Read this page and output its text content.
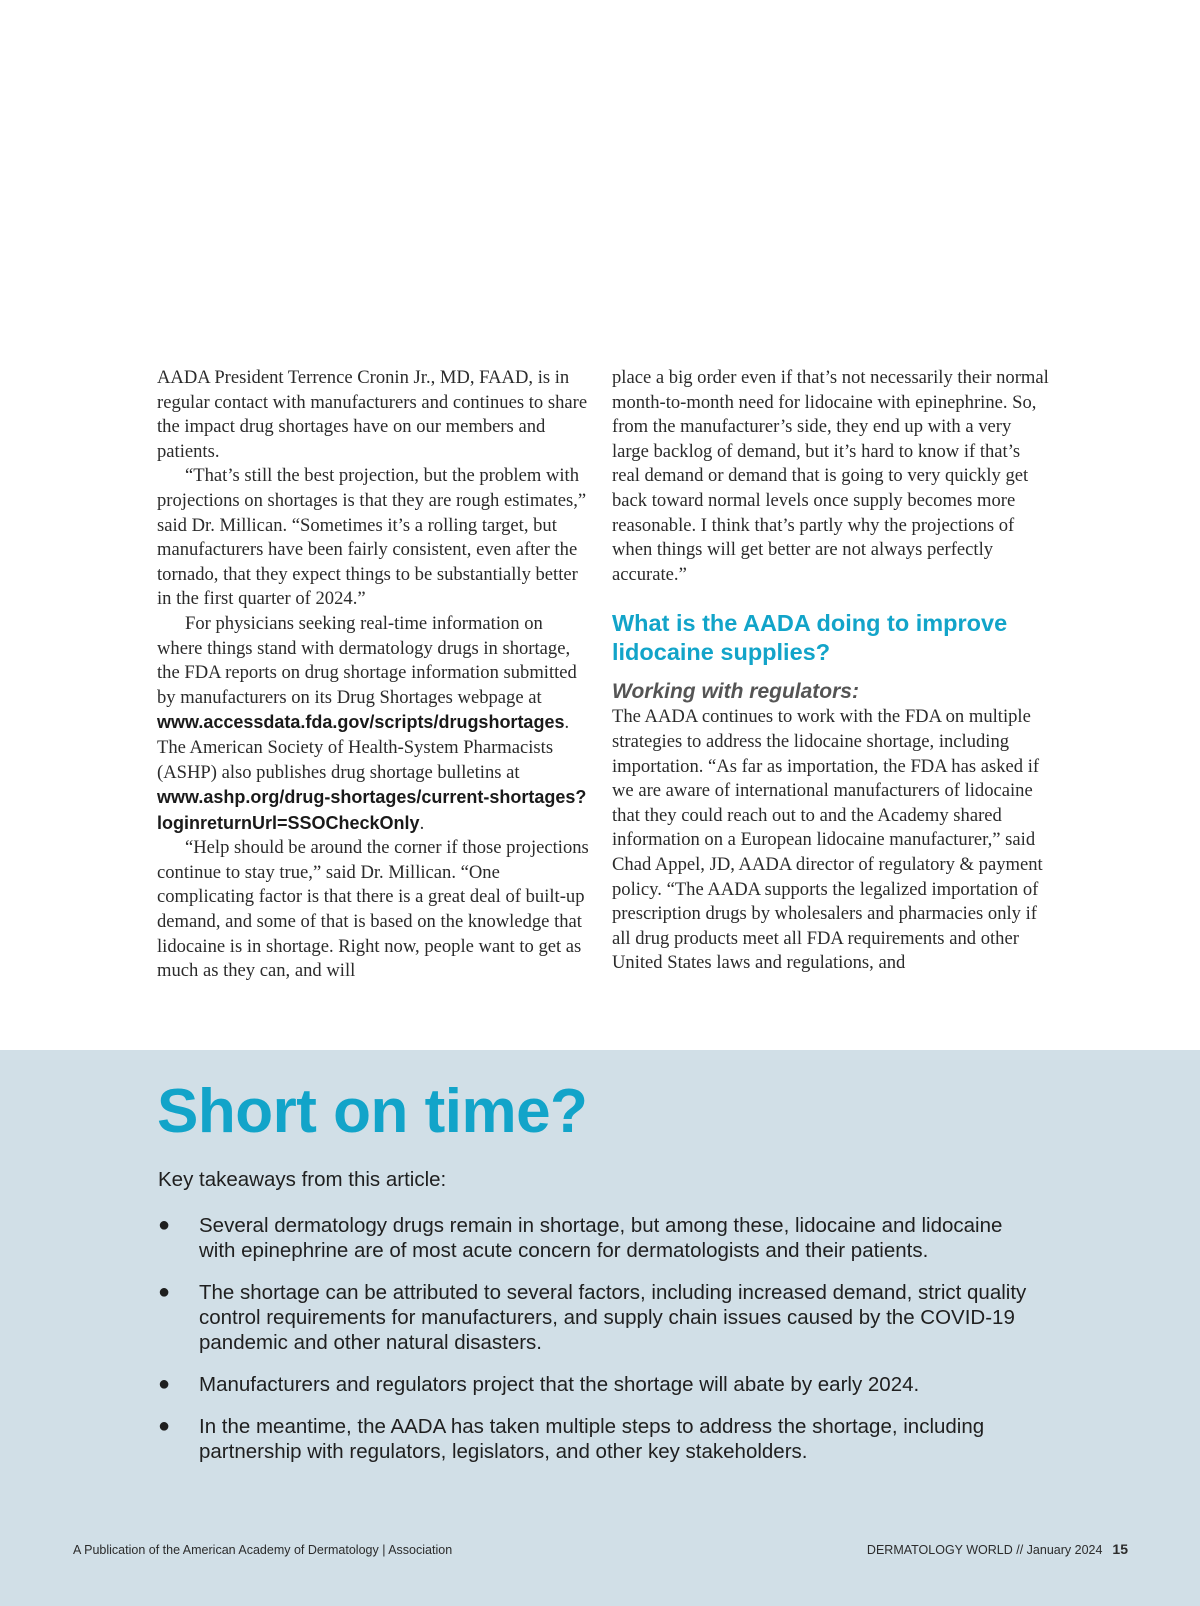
AADA President Terrence Cronin Jr., MD, FAAD, is in regular contact with manufacturers and continues to share the impact drug shortages have on our members and patients.

“That’s still the best projection, but the problem with projections on shortages is that they are rough estimates,” said Dr. Millican. “Sometimes it’s a rolling target, but manufacturers have been fairly consistent, even after the tornado, that they expect things to be substantially better in the first quarter of 2024.”

For physicians seeking real-time information on where things stand with dermatology drugs in shortage, the FDA reports on drug shortage information submitted by manufacturers on its Drug Shortages webpage at www.accessdata.fda.gov/scripts/drugshortages. The American Society of Health-System Pharmacists (ASHP) also publishes drug shortage bulletins at www.ashp.org/drug-shortages/current-shortages?loginreturnUrl=SSOCheckOnly.

“Help should be around the corner if those projections continue to stay true,” said Dr. Millican. “One complicating factor is that there is a great deal of built-up demand, and some of that is based on the knowledge that lidocaine is in shortage. Right now, people want to get as much as they can, and will

place a big order even if that’s not necessarily their normal month-to-month need for lidocaine with epinephrine. So, from the manufacturer’s side, they end up with a very large backlog of demand, but it’s hard to know if that’s real demand or demand that is going to very quickly get back toward normal levels once supply becomes more reasonable. I think that’s partly why the projections of when things will get better are not always perfectly accurate.”

What is the AADA doing to improve lidocaine supplies?
Working with regulators:

The AADA continues to work with the FDA on multiple strategies to address the lidocaine shortage, including importation. “As far as importation, the FDA has asked if we are aware of international manufacturers of lidocaine that they could reach out to and the Academy shared information on a European lidocaine manufacturer,” said Chad Appel, JD, AADA director of regulatory & payment policy. “The AADA supports the legalized importation of prescription drugs by wholesalers and pharmacies only if all drug products meet all FDA requirements and other United States laws and regulations, and

Short on time?
Key takeaways from this article:
●	Several dermatology drugs remain in shortage, but among these, lidocaine and lidocaine with epinephrine are of most acute concern for dermatologists and their patients.
●	The shortage can be attributed to several factors, including increased demand, strict quality control requirements for manufacturers, and supply chain issues caused by the COVID-19 pandemic and other natural disasters.
●	Manufacturers and regulators project that the shortage will abate by early 2024.
●	In the meantime, the AADA has taken multiple steps to address the shortage, including partnership with regulators, legislators, and other key stakeholders.
A Publication of the American Academy of Dermatology | Association	DERMATOLOGY WORLD // January 2024 15
